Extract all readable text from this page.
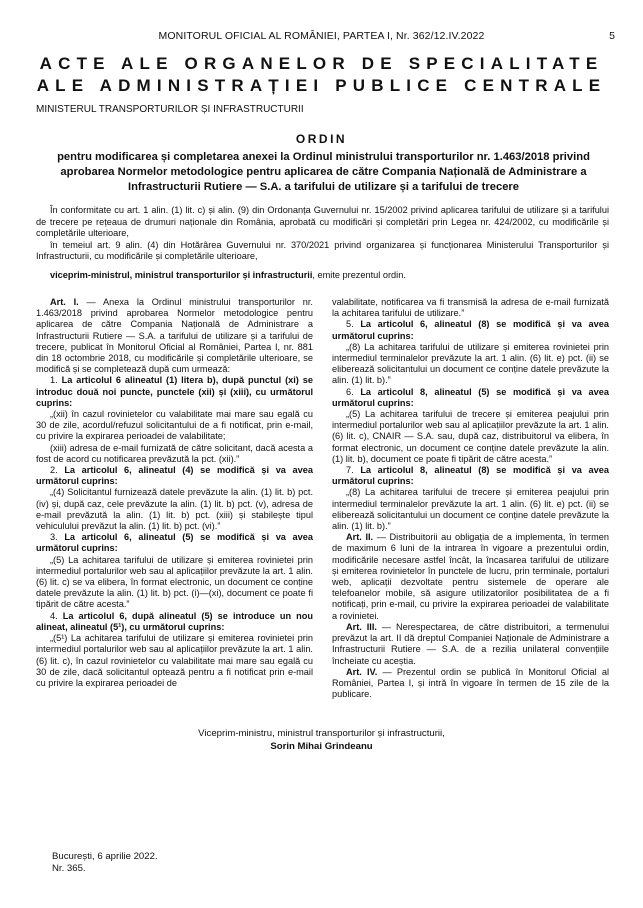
MONITORUL OFICIAL AL ROMÂNIEI, PARTEA I, Nr. 362/12.IV.2022	5
ACTE ALE ORGANELOR DE SPECIALITATE
ALE ADMINISTRAȚIEI PUBLICE CENTRALE
MINISTERUL TRANSPORTURILOR ȘI INFRASTRUCTURII
ORDIN
pentru modificarea și completarea anexei la Ordinul ministrului transporturilor nr. 1.463/2018 privind aprobarea Normelor metodologice pentru aplicarea de către Compania Națională de Administrare a Infrastructurii Rutiere — S.A. a tarifului de utilizare și a tarifului de trecere

În conformitate cu art. 1 alin. (1) lit. c) și alin. (9) din Ordonanța Guvernului nr. 15/2002 privind aplicarea tarifului de utilizare și a tarifului de trecere pe rețeaua de drumuri naționale din România, aprobată cu modificări și completări prin Legea nr. 424/2002, cu modificările și completările ulterioare,

în temeiul art. 9 alin. (4) din Hotărârea Guvernului nr. 370/2021 privind organizarea și funcționarea Ministerului Transporturilor și Infrastructurii, cu modificările și completările ulterioare,

viceprim-ministrul, ministrul transporturilor și infrastructurii, emite prezentul ordin.

Art. I. — Anexa la Ordinul ministrului transporturilor nr. 1.463/2018 privind aprobarea Normelor metodologice pentru aplicarea de către Compania Națională de Administrare a Infrastructurii Rutiere — S.A. a tarifului de utilizare și a tarifului de trecere, publicat în Monitorul Oficial al României, Partea I, nr. 881 din 18 octombrie 2018, cu modificările și completările ulterioare, se modifică și se completează după cum urmează:

1. La articolul 6 alineatul (1) litera b), după punctul (xi) se introduc două noi puncte, punctele (xii) și (xiii), cu următorul cuprins:

„(xii) în cazul rovinietelor cu valabilitate mai mare sau egală cu 30 de zile, acordul/refuzul solicitantului de a fi notificat, prin e-mail, cu privire la expirarea perioadei de valabilitate;

(xiii) adresa de e-mail furnizată de către solicitant, dacă acesta a fost de acord cu notificarea prevăzută la pct. (xii).”

2. La articolul 6, alineatul (4) se modifică și va avea următorul cuprins:

„(4) Solicitantul furnizează datele prevăzute la alin. (1) lit. b) pct. (iv) și, după caz, cele prevăzute la alin. (1) lit. b) pct. (v), adresa de e-mail prevăzută la alin. (1) lit. b) pct. (xiii) și stabilește tipul vehiculului prevăzut la alin. (1) lit. b) pct. (vi).”

3. La articolul 6, alineatul (5) se modifică și va avea următorul cuprins:

„(5) La achitarea tarifului de utilizare și emiterea rovinietei prin intermediul portalurilor web sau al aplicațiilor prevăzute la art. 1 alin. (6) lit. c) se va elibera, în format electronic, un document ce conține datele prevăzute la alin. (1) lit. b) pct. (i)—(xi), document ce poate fi tipărit de către acesta.”

4. La articolul 6, după alineatul (5) se introduce un nou alineat, alineatul (5¹), cu următorul cuprins:

„(5¹) La achitarea tarifului de utilizare și emiterea rovinietei prin intermediul portalurilor web sau al aplicațiilor prevăzute la art. 1 alin. (6) lit. c), în cazul rovinietelor cu valabilitate mai mare sau egală cu 30 de zile, dacă solicitantul optează pentru a fi notificat prin e-mail cu privire la expirarea perioadei de

valabilitate, notificarea va fi transmisă la adresa de e-mail furnizată la achitarea tarifului de utilizare.”

5. La articolul 6, alineatul (8) se modifică și va avea următorul cuprins:

„(8) La achitarea tarifului de utilizare și emiterea rovinietei prin intermediul terminalelor prevăzute la art. 1 alin. (6) lit. e) pct. (ii) se eliberează solicitantului un document ce conține datele prevăzute la alin. (1) lit. b).”

6. La articolul 8, alineatul (5) se modifică și va avea următorul cuprins:

„(5) La achitarea tarifului de trecere și emiterea peajului prin intermediul portalurilor web sau al aplicațiilor prevăzute la art. 1 alin. (6) lit. c), CNAIR — S.A. sau, după caz, distribuitorul va elibera, în format electronic, un document ce conține datele prevăzute la alin. (1) lit. b), document ce poate fi tipărit de către acesta.”

7. La articolul 8, alineatul (8) se modifică și va avea următorul cuprins:

„(8) La achitarea tarifului de trecere și emiterea peajului prin intermediul terminalelor prevăzute la art. 1 alin. (6) lit. e) pct. (ii) se eliberează solicitantului un document ce conține datele prevăzute la alin. (1) lit. b).”

Art. II. — Distribuitorii au obligația de a implementa, în termen de maximum 6 luni de la intrarea în vigoare a prezentului ordin, modificările necesare astfel încât, la încasarea tarifului de utilizare și emiterea rovinietelor în punctele de lucru, prin terminale, portaluri web, aplicații dezvoltate pentru sistemele de operare ale telefoanelor mobile, să asigure utilizatorilor posibilitatea de a fi notificați, prin e-mail, cu privire la expirarea perioadei de valabilitate a rovinietei.

Art. III. — Nerespectarea, de către distribuitori, a termenului prevăzut la art. II dă dreptul Companiei Naționale de Administrare a Infrastructurii Rutiere — S.A. de a rezilia unilateral convențiile încheiate cu aceștia.

Art. IV. — Prezentul ordin se publică în Monitorul Oficial al României, Partea I, și intră în vigoare în termen de 15 zile de la publicare.

Viceprim-ministru, ministrul transporturilor și infrastructurii,
Sorin Mihai Grindeanu
București, 6 aprilie 2022.
Nr. 365.
